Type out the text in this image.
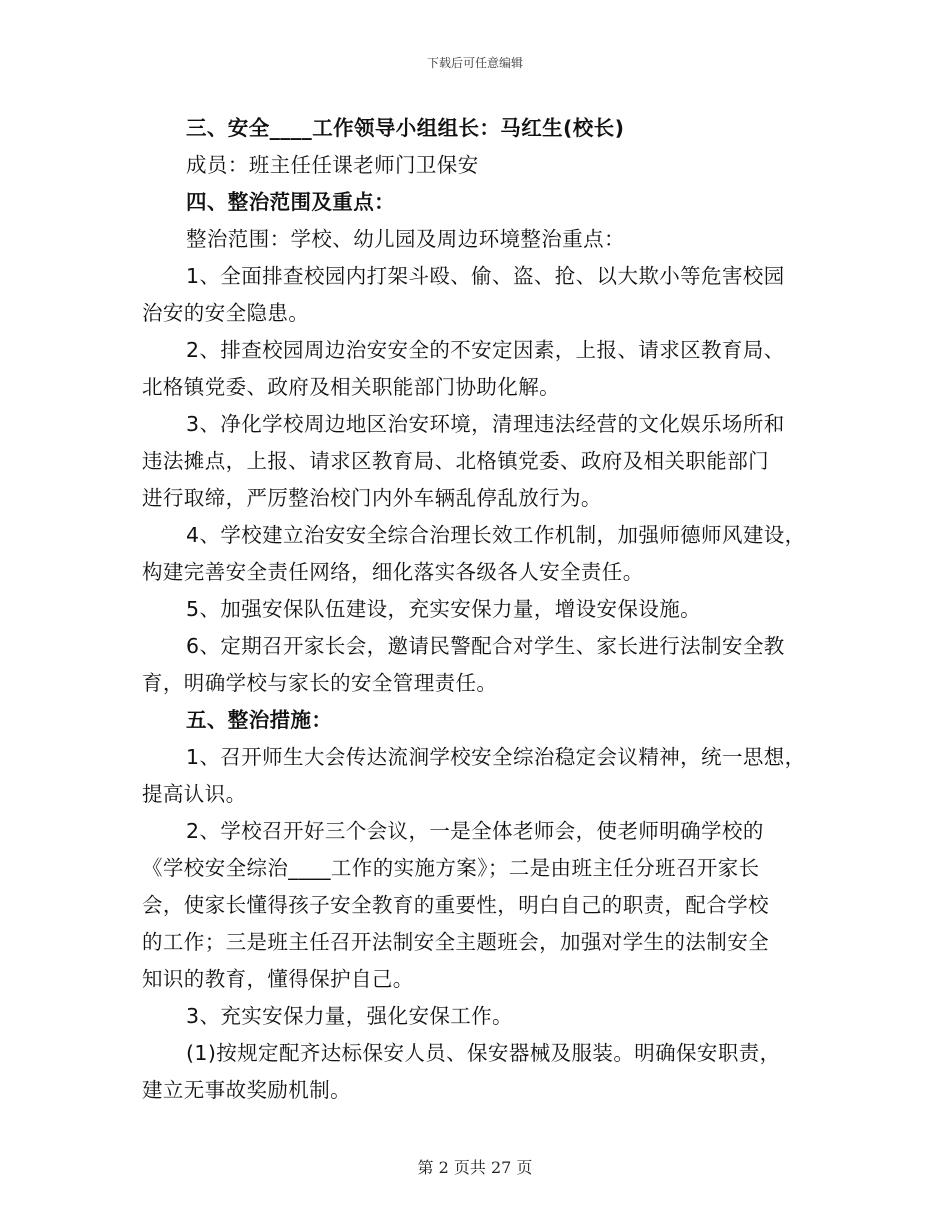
下载后可任意编辑
三、安全____工作领导小组组长：马红生(校长)
成员：班主任任课老师门卫保安
四、整治范围及重点：
整治范围：学校、幼儿园及周边环境整治重点：
1、全面排查校园内打架斗殴、偷、盗、抢、以大欺小等危害校园
治安的安全隐患。
2、排查校园周边治安安全的不安定因素，上报、请求区教育局、
北格镇党委、政府及相关职能部门协助化解。
3、净化学校周边地区治安环境，清理违法经营的文化娱乐场所和
违法摊点，上报、请求区教育局、北格镇党委、政府及相关职能部门
进行取缔，严厉整治校门内外车辆乱停乱放行为。
4、学校建立治安安全综合治理长效工作机制，加强师德师风建设，
构建完善安全责任网络，细化落实各级各人安全责任。
5、加强安保队伍建设，充实安保力量，增设安保设施。
6、定期召开家长会，邀请民警配合对学生、家长进行法制安全教
育，明确学校与家长的安全管理责任。
五、整治措施：
1、召开师生大会传达流涧学校安全综治稳定会议精神，统一思想，
提高认识。
2、学校召开好三个会议，一是全体老师会，使老师明确学校的
《学校安全综治____工作的实施方案》；二是由班主任分班召开家长
会，使家长懂得孩子安全教育的重要性，明白自己的职责，配合学校
的工作；三是班主任召开法制安全主题班会，加强对学生的法制安全
知识的教育，懂得保护自己。
3、充实安保力量，强化安保工作。
(1)按规定配齐达标保安人员、保安器械及服装。明确保安职责，
建立无事故奖励机制。
第 2 页共 27 页
